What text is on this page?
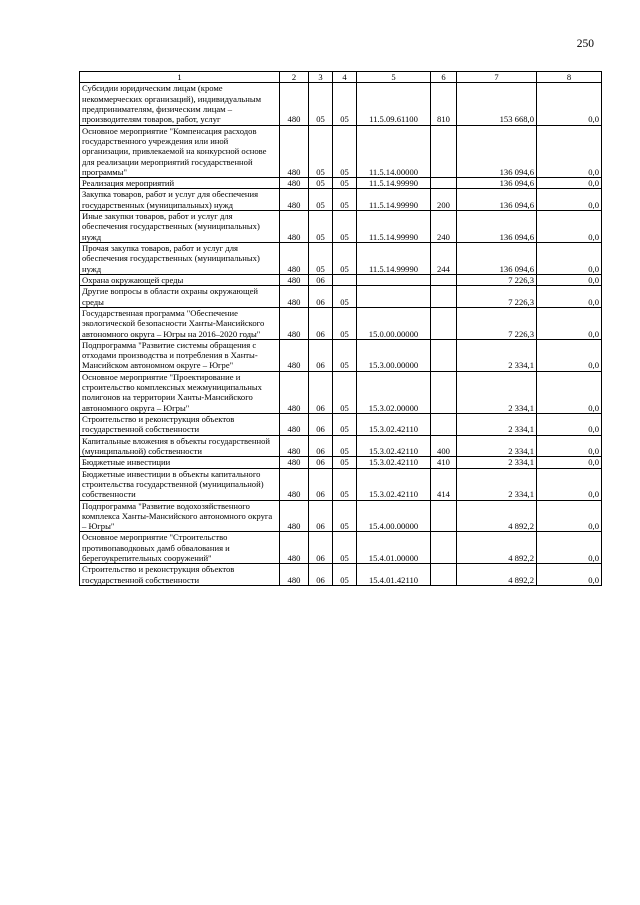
250
1	2	3	4	5	6	7	8
Субсидии юридическим лицам (кроме некоммерческих организаций), индивидуальным предпринимателям, физическим лицам – производителям товаров, работ, услуг	480	05	05	11.5.09.61100	810	153 668,0	0,0
Основное мероприятие "Компенсация расходов государственного учреждения или иной организации, привлекаемой на конкурсной основе для реализации мероприятий государственной программы"	480	05	05	11.5.14.00000		136 094,6	0,0
Реализация мероприятий	480	05	05	11.5.14.99990		136 094,6	0,0
Закупка товаров, работ и услуг для обеспечения государственных (муниципальных) нужд	480	05	05	11.5.14.99990	200	136 094,6	0,0
Иные закупки товаров, работ и услуг для обеспечения государственных (муниципальных) нужд	480	05	05	11.5.14.99990	240	136 094,6	0,0
Прочая закупка товаров, работ и услуг для обеспечения государственных (муниципальных) нужд	480	05	05	11.5.14.99990	244	136 094,6	0,0
Охрана окружающей среды	480	06				7 226,3	0,0
Другие вопросы в области охраны окружающей среды	480	06	05			7 226,3	0,0
Государственная программа "Обеспечение экологической безопасности Ханты-Мансийского автономного округа – Югры на 2016–2020 годы"	480	06	05	15.0.00.00000		7 226,3	0,0
Подпрограмма "Развитие системы обращения с отходами производства и потребления в Ханты-Мансийском автономном округе – Югре"	480	06	05	15.3.00.00000		2 334,1	0,0
Основное мероприятие "Проектирование и строительство комплексных межмуниципальных полигонов на территории Ханты-Мансийского автономного округа – Югры"	480	06	05	15.3.02.00000		2 334,1	0,0
Строительство и реконструкция объектов государственной собственности	480	06	05	15.3.02.42110		2 334,1	0,0
Капитальные вложения в объекты государственной (муниципальной) собственности	480	06	05	15.3.02.42110	400	2 334,1	0,0
Бюджетные инвестиции	480	06	05	15.3.02.42110	410	2 334,1	0,0
Бюджетные инвестиции в объекты капитального строительства государственной (муниципальной) собственности	480	06	05	15.3.02.42110	414	2 334,1	0,0
Подпрограмма "Развитие водохозяйственного комплекса Ханты-Мансийского автономного округа – Югры"	480	06	05	15.4.00.00000		4 892,2	0,0
Основное мероприятие "Строительство противопаводковых дамб обвалования и берегоукрепительных сооружений"	480	06	05	15.4.01.00000		4 892,2	0,0
Строительство и реконструкция объектов государственной собственности	480	06	05	15.4.01.42110		4 892,2	0,0
